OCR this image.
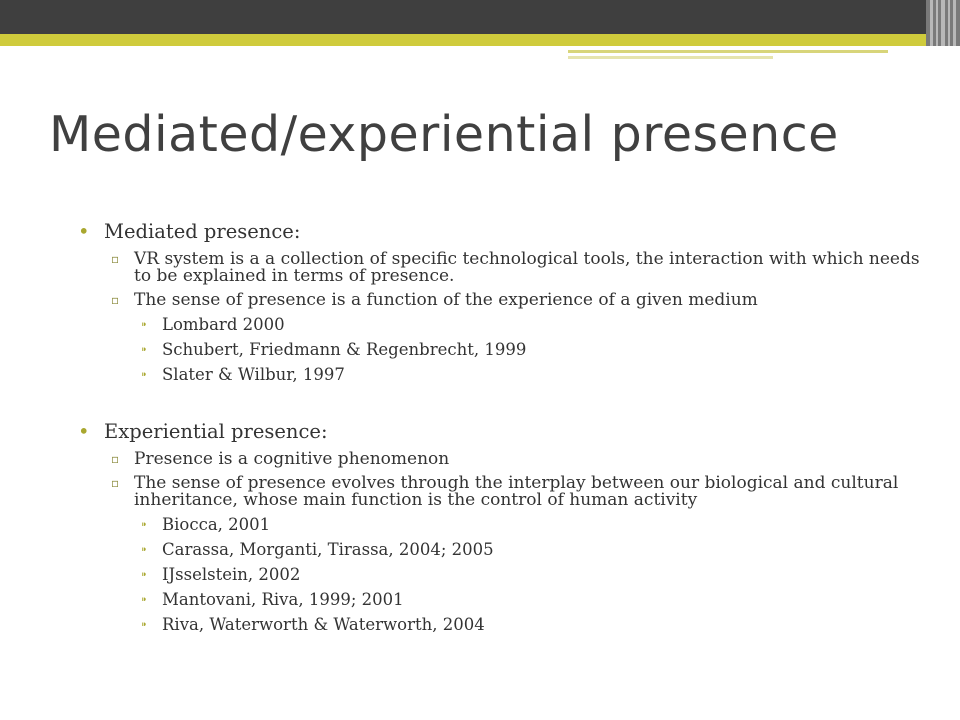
Mediated/experiential presence
• Mediated presence:
▫ VR system is a a collection of specific technological tools, the interaction with which needs to be explained in terms of presence.
▫ The sense of presence is a function of the experience of a given medium
⁍ Lombard 2000
⁍ Schubert, Friedmann & Regenbrecht, 1999
⁍ Slater & Wilbur, 1997
• Experiential presence:
▫ Presence is a cognitive phenomenon
▫ The sense of presence evolves through the interplay between our biological and cultural inheritance, whose main function is the control of human activity
⁍ Biocca, 2001
⁍ Carassa, Morganti, Tirassa, 2004; 2005
⁍ IJsselstein, 2002
⁍ Mantovani, Riva, 1999; 2001
⁍ Riva, Waterworth & Waterworth, 2004
